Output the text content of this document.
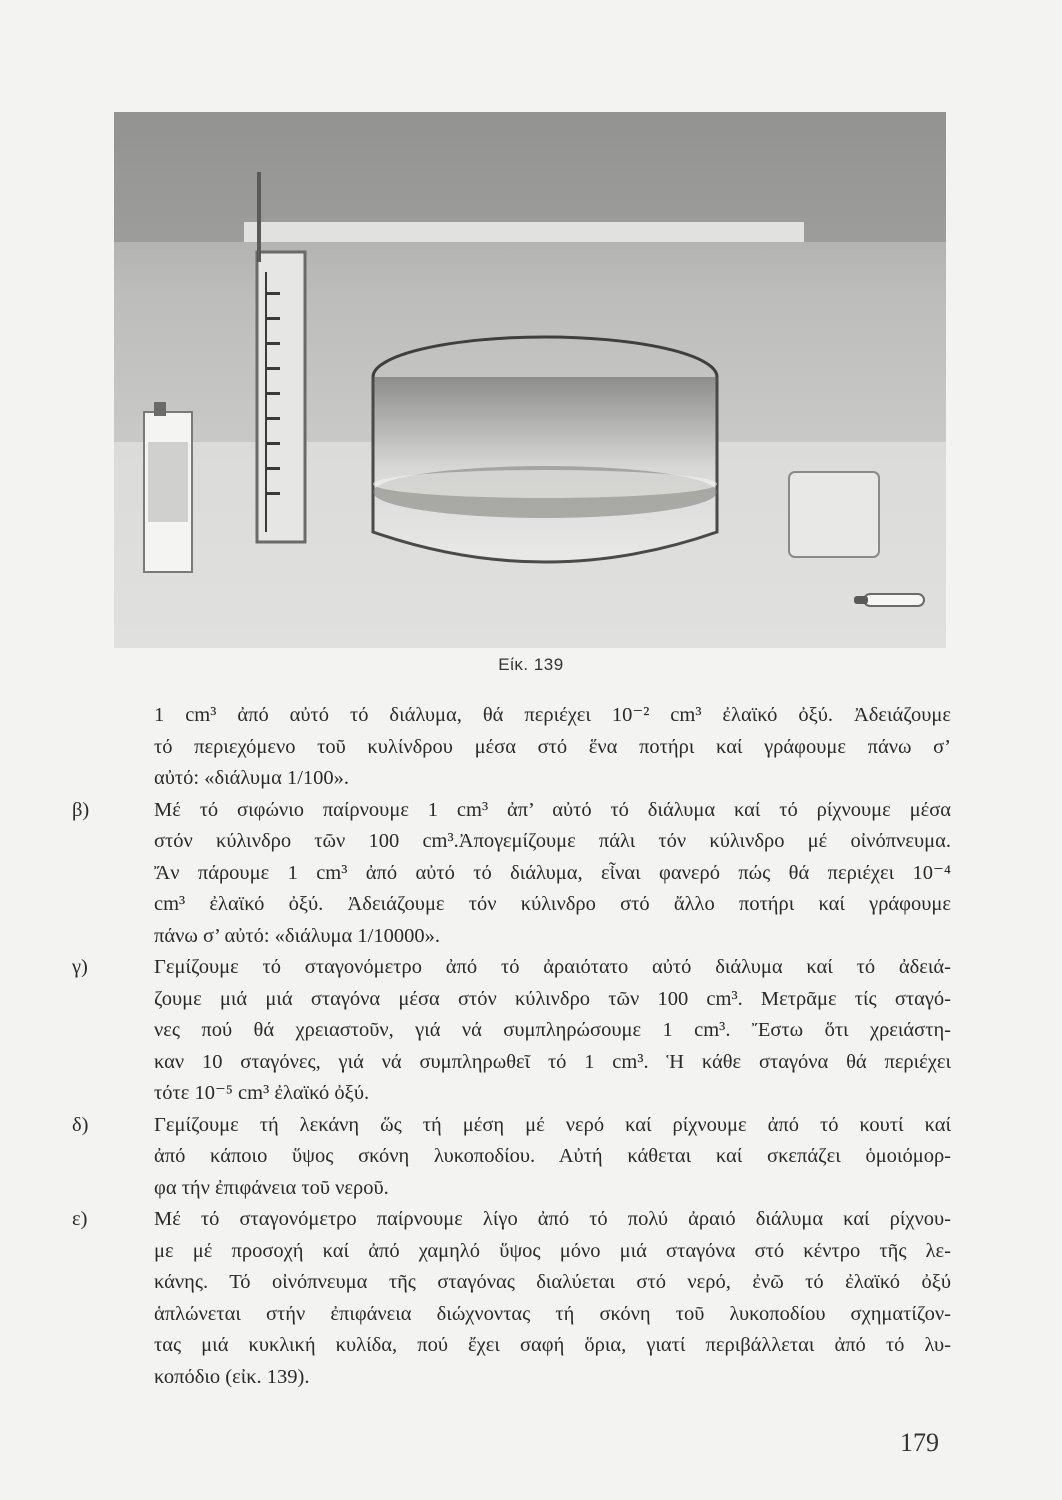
Είκ. 139
1 cm³ ἀπό αὐτό τό διάλυμα, θά περιέχει 10⁻² cm³ ἐλαϊκό ὀξύ. Ἀδειάζουμε
τό περιεχόμενο τοῦ κυλίνδρου μέσα στό ἕνα ποτήρι καί γράφουμε πάνω σ’
αὐτό: «διάλυμα 1/100».
β)	Μέ τό σιφώνιο παίρνουμε 1 cm³ ἀπ’ αὐτό τό διάλυμα καί τό ρίχνουμε μέσα
στόν κύλινδρο τῶν 100 cm³.Ἀπογεμίζουμε πάλι τόν κύλινδρο μέ οἰνόπνευμα.
Ἄν πάρουμε 1 cm³ ἀπό αὐτό τό διάλυμα, εἶναι φανερό πώς θά περιέχει 10⁻⁴
cm³ ἐλαϊκό ὀξύ. Ἀδειάζουμε τόν κύλινδρο στό ἄλλο ποτήρι καί γράφουμε
πάνω σ’ αὐτό: «διάλυμα 1/10000».
γ)	Γεμίζουμε τό σταγονόμετρο ἀπό τό ἀραιότατο αὐτό διάλυμα καί τό ἀδειά-
ζουμε μιά μιά σταγόνα μέσα στόν κύλινδρο τῶν 100 cm³. Μετρᾶμε τίς σταγό-
νες πού θά χρειαστοῦν, γιά νά συμπληρώσουμε 1 cm³. Ἔστω ὅτι χρειάστη-
καν 10 σταγόνες, γιά νά συμπληρωθεῖ τό 1 cm³. Ἡ κάθε σταγόνα θά περιέχει
τότε 10⁻⁵ cm³ ἐλαϊκό ὀξύ.
δ)	Γεμίζουμε τή λεκάνη ὥς τή μέση μέ νερό καί ρίχνουμε ἀπό τό κουτί καί
ἀπό κάποιο ὕψος σκόνη λυκοποδίου. Αὐτή κάθεται καί σκεπάζει ὁμοιόμορ-
φα τήν ἐπιφάνεια τοῦ νεροῦ.
ε)	Μέ τό σταγονόμετρο παίρνουμε λίγο ἀπό τό πολύ ἀραιό διάλυμα καί ρίχνου-
με μέ προσοχή καί ἀπό χαμηλό ὕψος μόνο μιά σταγόνα στό κέντρο τῆς λε-
κάνης. Τό οἰνόπνευμα τῆς σταγόνας διαλύεται στό νερό, ἐνῶ τό ἐλαϊκό ὀξύ
ἁπλώνεται στήν ἐπιφάνεια διώχνοντας τή σκόνη τοῦ λυκοποδίου σχηματίζον-
τας μιά κυκλική κυλίδα, πού ἔχει σαφή ὅρια, γιατί περιβάλλεται ἀπό τό λυ-
κοπόδιο (εἰκ. 139).
179
